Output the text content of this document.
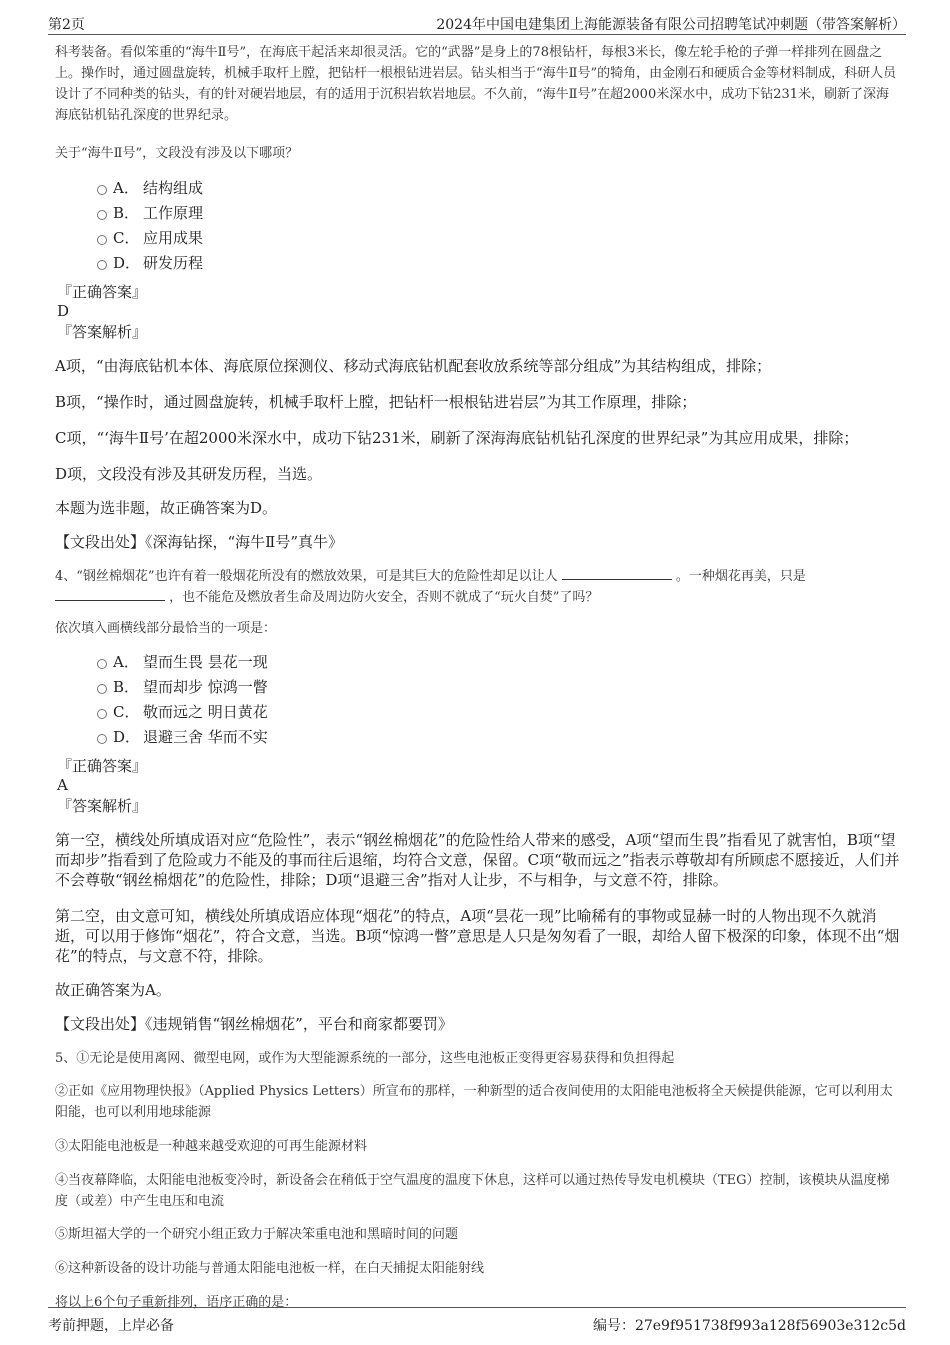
第2页	2024年中国电建集团上海能源装备有限公司招聘笔试冲刺题（带答案解析）

科考装备。看似笨重的“海牛Ⅱ号”，在海底干起活来却很灵活。它的“武器”是身上的78根钻杆，每根3米长，像左轮手枪的子弹一样排列在圆盘之上。操作时，通过圆盘旋转，机械手取杆上膛，把钻杆一根根钻进岩层。钻头相当于“海牛Ⅱ号”的犄角，由金刚石和硬质合金等材料制成，科研人员设计了不同种类的钻头，有的针对硬岩地层，有的适用于沉积岩软岩地层。不久前，“海牛Ⅱ号”在超2000米深水中，成功下钻231米，刷新了深海海底钻机钻孔深度的世界纪录。

关于“海牛Ⅱ号”，文段没有涉及以下哪项？

A． 结构组成
B． 工作原理
C． 应用成果
D． 研发历程

『正确答案』

D

『答案解析』

A项，“由海底钻机本体、海底原位探测仪、移动式海底钻机配套收放系统等部分组成”为其结构组成，排除；

B项，“操作时，通过圆盘旋转，机械手取杆上膛，把钻杆一根根钻进岩层”为其工作原理，排除；

C项，“‘海牛Ⅱ号’在超2000米深水中，成功下钻231米，刷新了深海海底钻机钻孔深度的世界纪录”为其应用成果，排除；

D项，文段没有涉及其研发历程，当选。

本题为选非题，故正确答案为D。

【文段出处】《深海钻探，“海牛Ⅱ号”真牛》

4、“钢丝棉烟花”也许有着一般烟花所没有的燃放效果，可是其巨大的危险性却足以让人	。一种烟花再美，只是  ，也不能危及燃放者生命及周边防火安全，否则不就成了“玩火自焚”了吗？

依次填入画横线部分最恰当的一项是：

A． 望而生畏 昙花一现
B． 望而却步 惊鸿一瞥
C． 敬而远之 明日黄花
D． 退避三舍 华而不实

『正确答案』

A

『答案解析』

第一空，横线处所填成语对应“危险性”，表示“钢丝棉烟花”的危险性给人带来的感受，A项“望而生畏”指看见了就害怕，B项“望而却步”指看到了危险或力不能及的事而往后退缩，均符合文意，保留。C项“敬而远之”指表示尊敬却有所顾虑不愿接近，人们并不会尊敬“钢丝棉烟花”的危险性，排除；D项“退避三舍”指对人让步，不与相争，与文意不符，排除。

第二空，由文意可知，横线处所填成语应体现“烟花”的特点，A项“昙花一现”比喻稀有的事物或显赫一时的人物出现不久就消逝，可以用于修饰“烟花”，符合文意，当选。B项“惊鸿一瞥”意思是人只是匆匆看了一眼，却给人留下极深的印象，体现不出“烟花”的特点，与文意不符，排除。

故正确答案为A。

【文段出处】《违规销售“钢丝棉烟花”，平台和商家都要罚》

5、①无论是使用离网、微型电网，或作为大型能源系统的一部分，这些电池板正变得更容易获得和负担得起

②正如《应用物理快报》（Applied Physics Letters）所宣布的那样，一种新型的适合夜间使用的太阳能电池板将全天候提供能源，它可以利用太阳能，也可以利用地球能源

③太阳能电池板是一种越来越受欢迎的可再生能源材料

④当夜幕降临，太阳能电池板变冷时，新设备会在稍低于空气温度的温度下休息，这样可以通过热传导发电机模块（TEG）控制，该模块从温度梯度（或差）中产生电压和电流

⑤斯坦福大学的一个研究小组正致力于解决笨重电池和黑暗时间的问题

⑥这种新设备的设计功能与普通太阳能电池板一样，在白天捕捉太阳能射线

将以上6个句子重新排列，语序正确的是：

考前押题，上岸必备	编号：27e9f951738f993a128f56903e312c5d
